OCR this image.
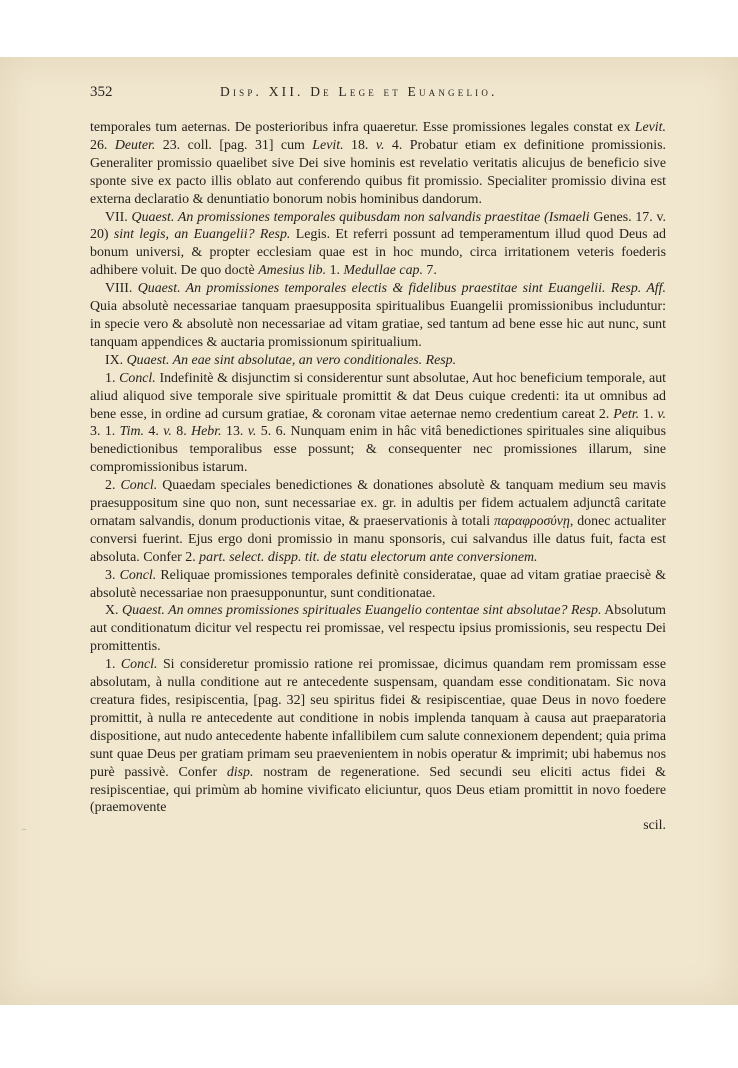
352	Disp. XII. De Lege et Euangelio.

temporales tum aeternas. De posterioribus infra quaeretur. Esse promissiones legales constat ex Levit. 26. Deuter. 23. coll. [pag. 31] cum Levit. 18. v. 4. Probatur etiam ex definitione promissionis. Generaliter promissio quaelibet sive Dei sive hominis est revelatio veritatis alicujus de beneficio sive sponte sive ex pacto illis oblato aut conferendo quibus fit promissio. Specialiter promissio divina est externa declaratio & denuntiatio bonorum nobis hominibus dandorum.

VII. Quaest. An promissiones temporales quibusdam non salvandis praestitae (Ismaeli Genes. 17. v. 20) sint legis, an Euangelii? Resp. Legis. Et referri possunt ad temperamentum illud quod Deus ad bonum universi, & propter ecclesiam quae est in hoc mundo, circa irritationem veteris foederis adhibere voluit. De quo doctè Amesius lib. 1. Medullae cap. 7.

VIII. Quaest. An promissiones temporales electis & fidelibus praestitae sint Euangelii. Resp. Aff. Quia absolutè necessariae tanquam praesupposita spiritualibus Euangelii promissionibus includuntur: in specie vero & absolutè non necessariae ad vitam gratiae, sed tantum ad bene esse hic aut nunc, sunt tanquam appendices & auctaria promissionum spiritualium.

IX. Quaest. An eae sint absolutae, an vero conditionales. Resp.

1. Concl. Indefinitè & disjunctim si considerentur sunt absolutae, Aut hoc beneficium temporale, aut aliud aliquod sive temporale sive spirituale promittit & dat Deus cuique credenti: ita ut omnibus ad bene esse, in ordine ad cursum gratiae, & coronam vitae aeternae nemo credentium careat 2. Petr. 1. v. 3. 1. Tim. 4. v. 8. Hebr. 13. v. 5. 6. Nunquam enim in hâc vitâ benedictiones spirituales sine aliquibus benedictionibus temporalibus esse possunt; & consequenter nec promissiones illarum, sine compromissionibus istarum.

2. Concl. Quaedam speciales benedictiones & donationes absolutè & tanquam medium seu mavis praesuppositum sine quo non, sunt necessariae ex. gr. in adultis per fidem actualem adjunctâ caritate ornatam salvandis, donum productionis vitae, & praeservationis à totali παραφροσύνῃ, donec actualiter conversi fuerint. Ejus ergo doni promissio in manu sponsoris, cui salvandus ille datus fuit, facta est absoluta. Confer 2. part. select. dispp. tit. de statu electorum ante conversionem.

3. Concl. Reliquae promissiones temporales definitè consideratae, quae ad vitam gratiae praecisè & absolutè necessariae non praesupponuntur, sunt conditionatae.

X. Quaest. An omnes promissiones spirituales Euangelio contentae sint absolutae? Resp. Absolutum aut conditionatum dicitur vel respectu rei promissae, vel respectu ipsius promissionis, seu respectu Dei promittentis.

1. Concl. Si consideretur promissio ratione rei promissae, dicimus quandam rem promissam esse absolutam, à nulla conditione aut re antecedente suspensam, quandam esse conditionatam. Sic nova creatura fides, resipiscentia, [pag. 32] seu spiritus fidei & resipiscentiae, quae Deus in novo foedere promittit, à nulla re antecedente aut conditione in nobis implenda tanquam à causa aut praeparatoria dispositione, aut nudo antecedente habente infallibilem cum salute connexionem dependent; quia prima sunt quae Deus per gratiam primam seu praevenientem in nobis operatur & imprimit; ubi habemus nos purè passivè. Confer disp. nostram de regeneratione. Sed secundi seu eliciti actus fidei & resipiscentiae, qui primùm ab homine vivificato eliciuntur, quos Deus etiam promittit in novo foedere (praemovente

scil.
